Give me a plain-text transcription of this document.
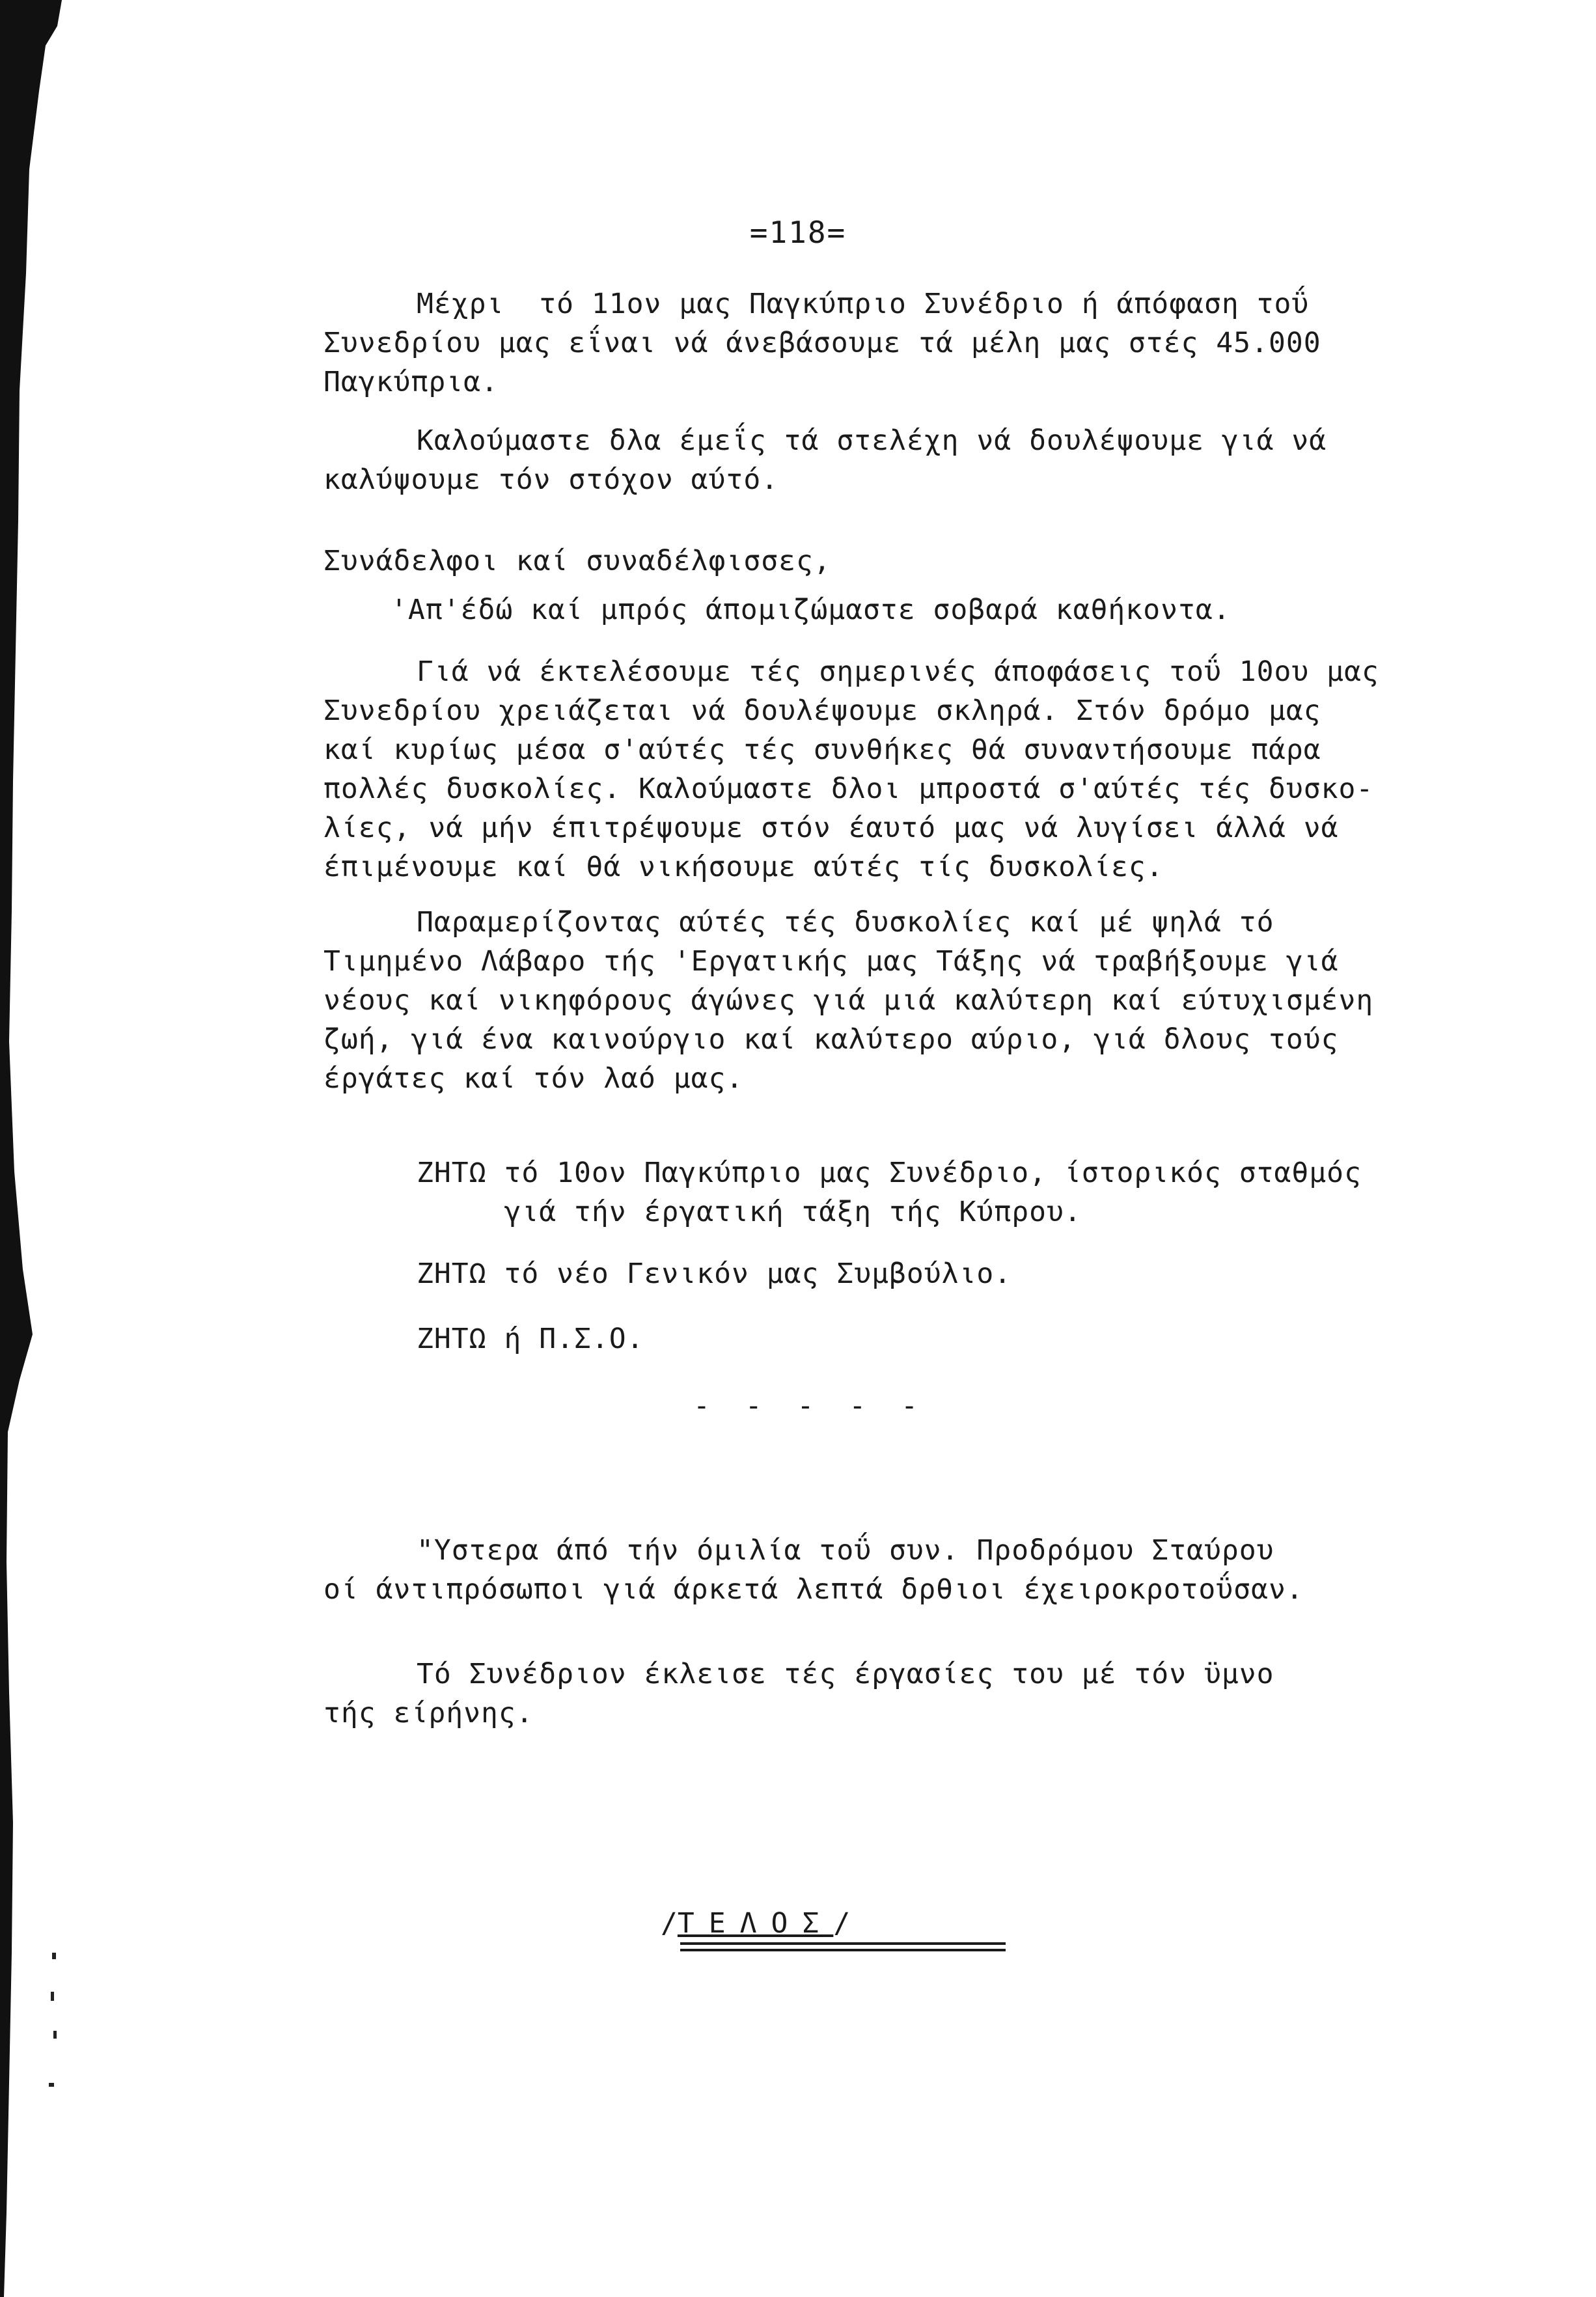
=118=
Μέχρι  τό 11ον μας Παγκύπριο Συνέδριο ή άπόφαση τοΰ
Συνεδρίου μας εΐναι νά άνεβάσουμε τά μέλη μας στές 45.000
Παγκύπρια.
Καλούμαστε δλα έμεΐς τά στελέχη νά δουλέψουμε γιά νά
καλύψουμε τόν στόχον αύτό.
Συνάδελφοι καί συναδέλφισσες,
'Απ'έδώ καί μπρός άπομιζώμαστε σοβαρά καθήκοντα.
Γιά νά έκτελέσουμε τές σημερινές άποφάσεις τοΰ 10ου μας
Συνεδρίου χρειάζεται νά δουλέψουμε σκληρά. Στόν δρόμο μας
καί κυρίως μέσα σ'αύτές τές συνθήκες θά συναντήσουμε πάρα
πολλές δυσκολίες. Καλούμαστε δλοι μπροστά σ'αύτές τές δυσκο-
λίες, νά μήν έπιτρέψουμε στόν έαυτό μας νά λυγίσει άλλά νά
έπιμένουμε καί θά νικήσουμε αύτές τίς δυσκολίες.
Παραμερίζοντας αύτές τές δυσκολίες καί μέ ψηλά τό
Τιμημένο Λάβαρο τής 'Εργατικής μας Τάξης νά τραβήξουμε γιά
νέους καί νικηφόρους άγώνες γιά μιά καλύτερη καί εύτυχισμένη
ζωή, γιά ένα καινούργιο καί καλύτερο αύριο, γιά δλους τούς
έργάτες καί τόν λαό μας.
ΖΗΤΩ τό 10ον Παγκύπριο μας Συνέδριο, ίστορικός σταθμός
γιά τήν έργατική τάξη τής Κύπρου.
ΖΗΤΩ τό νέο Γενικόν μας Συμβούλιο.
ΖΗΤΩ ή Π.Σ.Ο.
- - - - -
"Υστερα άπό τήν όμιλία τοΰ συν. Προδρόμου Σταύρου
οί άντιπρόσωποι γιά άρκετά λεπτά δρθιοι έχειροκροτοΰσαν.
Τό Συνέδριον έκλεισε τές έργασίες του μέ τόν ϋμνο
τής είρήνης.
/ΤΕΛΟΣ/
